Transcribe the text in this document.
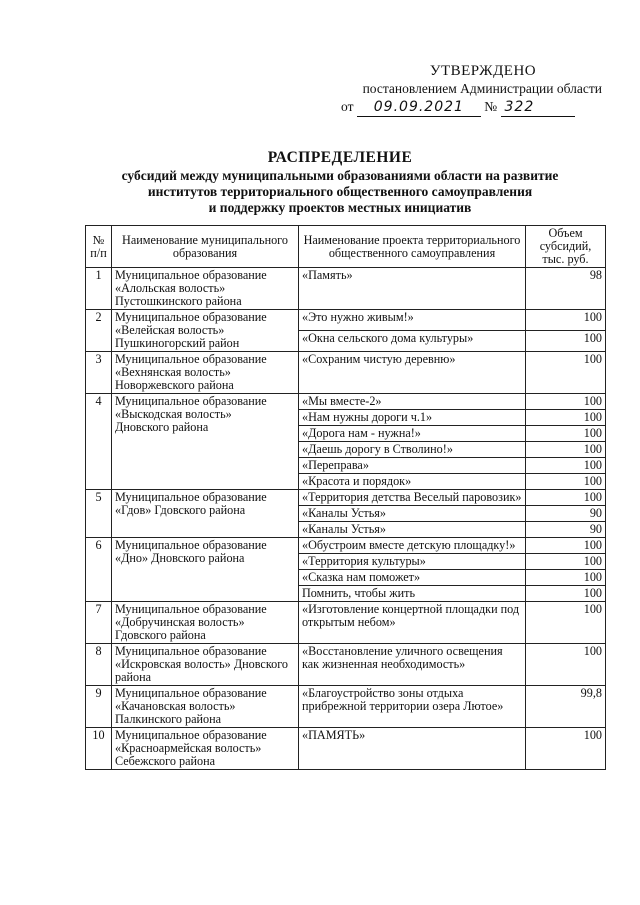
УТВЕРЖДЕНО
постановлением Администрации области
от 09.09.2021 № 322
РАСПРЕДЕЛЕНИЕ
субсидий между муниципальными образованиями области на развитие
институтов территориального общественного самоуправления
и поддержку проектов местных инициатив
№ п/п	Наименование муниципального образования	Наименование проекта территориального общественного самоуправления	Объем субсидий, тыс. руб.
1	Муниципальное образование
«Алольская волость»
Пустошкинского района	«Память»	98
2	Муниципальное образование
«Велейская волость»
Пушкиногорский район	«Это нужно живым!»	100
		«Окна сельского дома культуры»	100
3	Муниципальное образование
«Вехнянская волость»
Новоржевского района	«Сохраним чистую деревню»	100
4	Муниципальное образование
«Выскодская волость»
Дновского района	«Мы вместе-2»	100
		«Нам нужны дороги ч.1»	100
		«Дорога нам - нужна!»	100
		«Даешь дорогу в Стволино!»	100
		«Переправа»	100
		«Красота и порядок»	100
5	Муниципальное образование
«Гдов» Гдовского района	«Территория детства Веселый паровозик»	100
		«Каналы Устья»	90
		«Каналы Устья»	90
6	Муниципальное образование
«Дно» Дновского района	«Обустроим вместе детскую площадку!»	100
		«Территория культуры»	100
		«Сказка нам поможет»	100
		Помнить, чтобы жить	100
7	Муниципальное образование
«Добручинская волость»
Гдовского района	«Изготовление концертной площадки под открытым небом»	100
8	Муниципальное образование
«Искровская волость» Дновского
района	«Восстановление уличного освещения как жизненная необходимость»	100
9	Муниципальное образование
«Качановская волость»
Палкинского района	«Благоустройство зоны отдыха прибрежной территории озера Лютое»	99,8
10	Муниципальное образование
«Красноармейская волость»
Себежского района	«ПАМЯТЬ»	100
